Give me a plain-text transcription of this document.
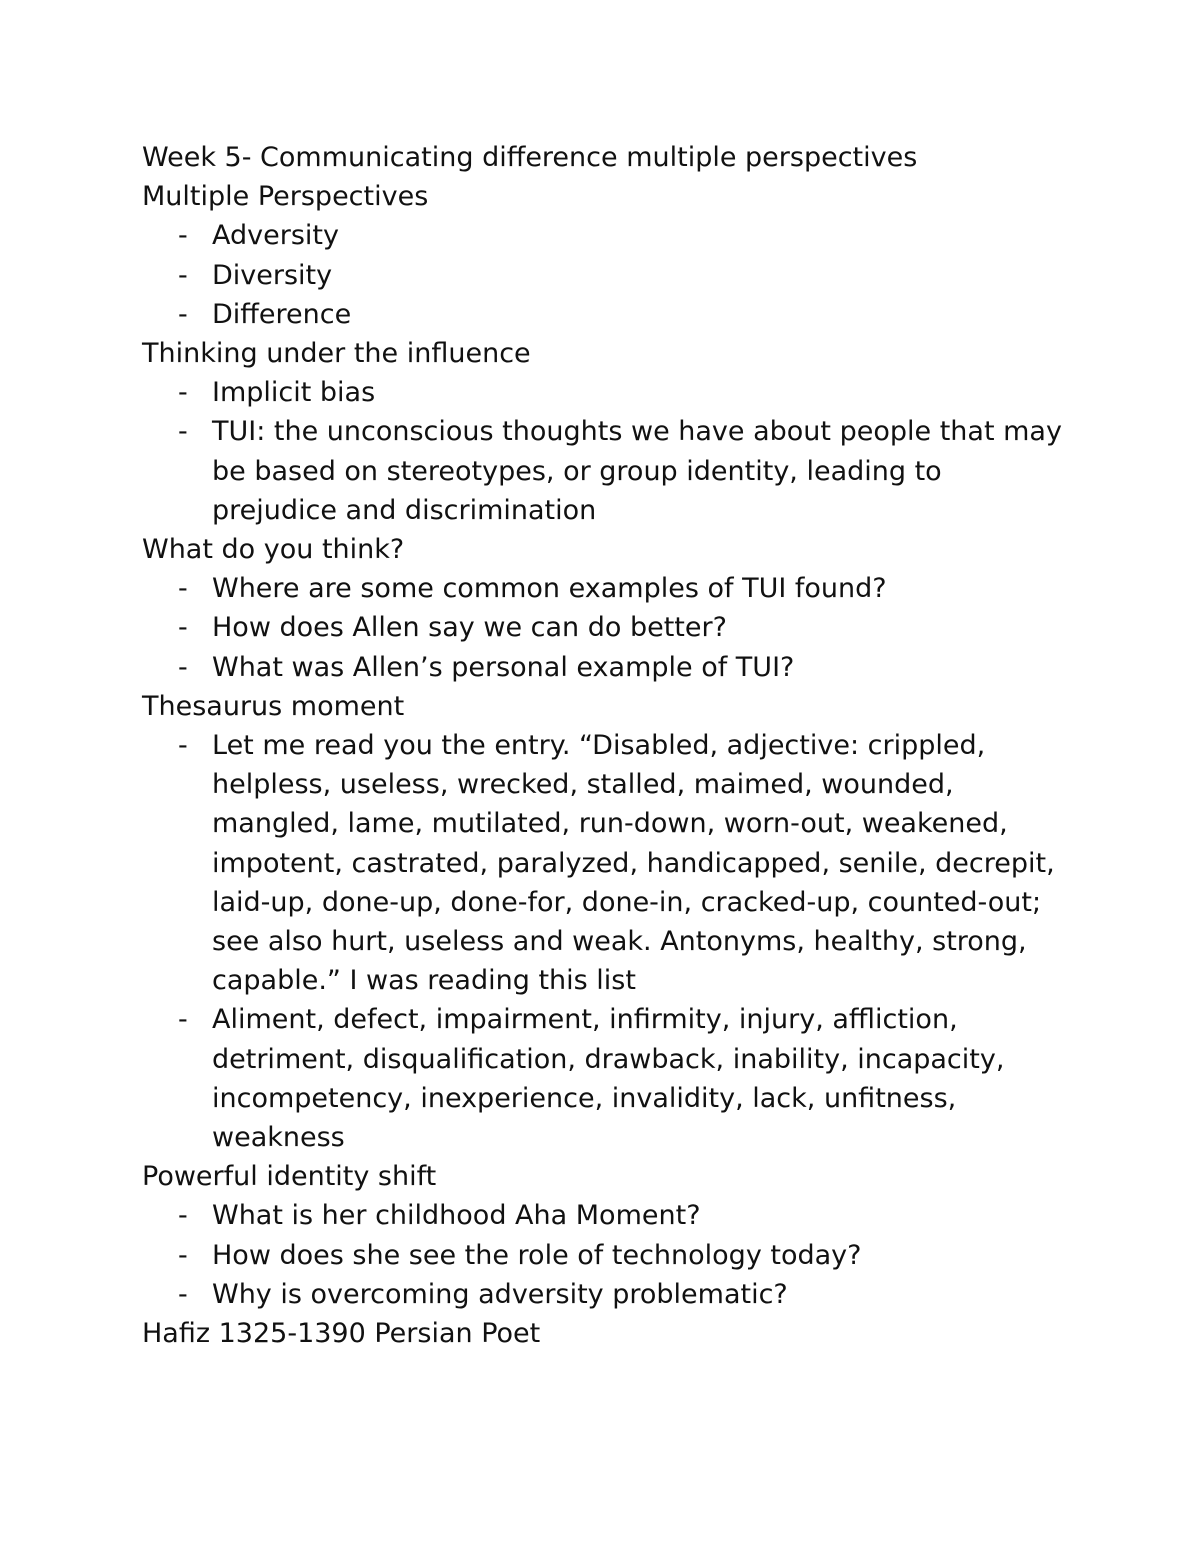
Week 5- Communicating difference multiple perspectives
Multiple Perspectives
- Adversity
- Diversity
- Difference
Thinking under the influence
- Implicit bias
- TUI: the unconscious thoughts we have about people that may be based on stereotypes, or group identity, leading to prejudice and discrimination
What do you think?
- Where are some common examples of TUI found?
- How does Allen say we can do better?
- What was Allen’s personal example of TUI?
Thesaurus moment
- Let me read you the entry. “Disabled, adjective: crippled, helpless, useless, wrecked, stalled, maimed, wounded, mangled, lame, mutilated, run-down, worn-out, weakened, impotent, castrated, paralyzed, handicapped, senile, decrepit, laid-up, done-up, done-for, done-in, cracked-up, counted-out; see also hurt, useless and weak. Antonyms, healthy, strong, capable.” I was reading this list
- Aliment, defect, impairment, infirmity, injury, affliction, detriment, disqualification, drawback, inability, incapacity, incompetency, inexperience, invalidity, lack, unfitness, weakness
Powerful identity shift
- What is her childhood Aha Moment?
- How does she see the role of technology today?
- Why is overcoming adversity problematic?
Hafiz 1325-1390 Persian Poet
